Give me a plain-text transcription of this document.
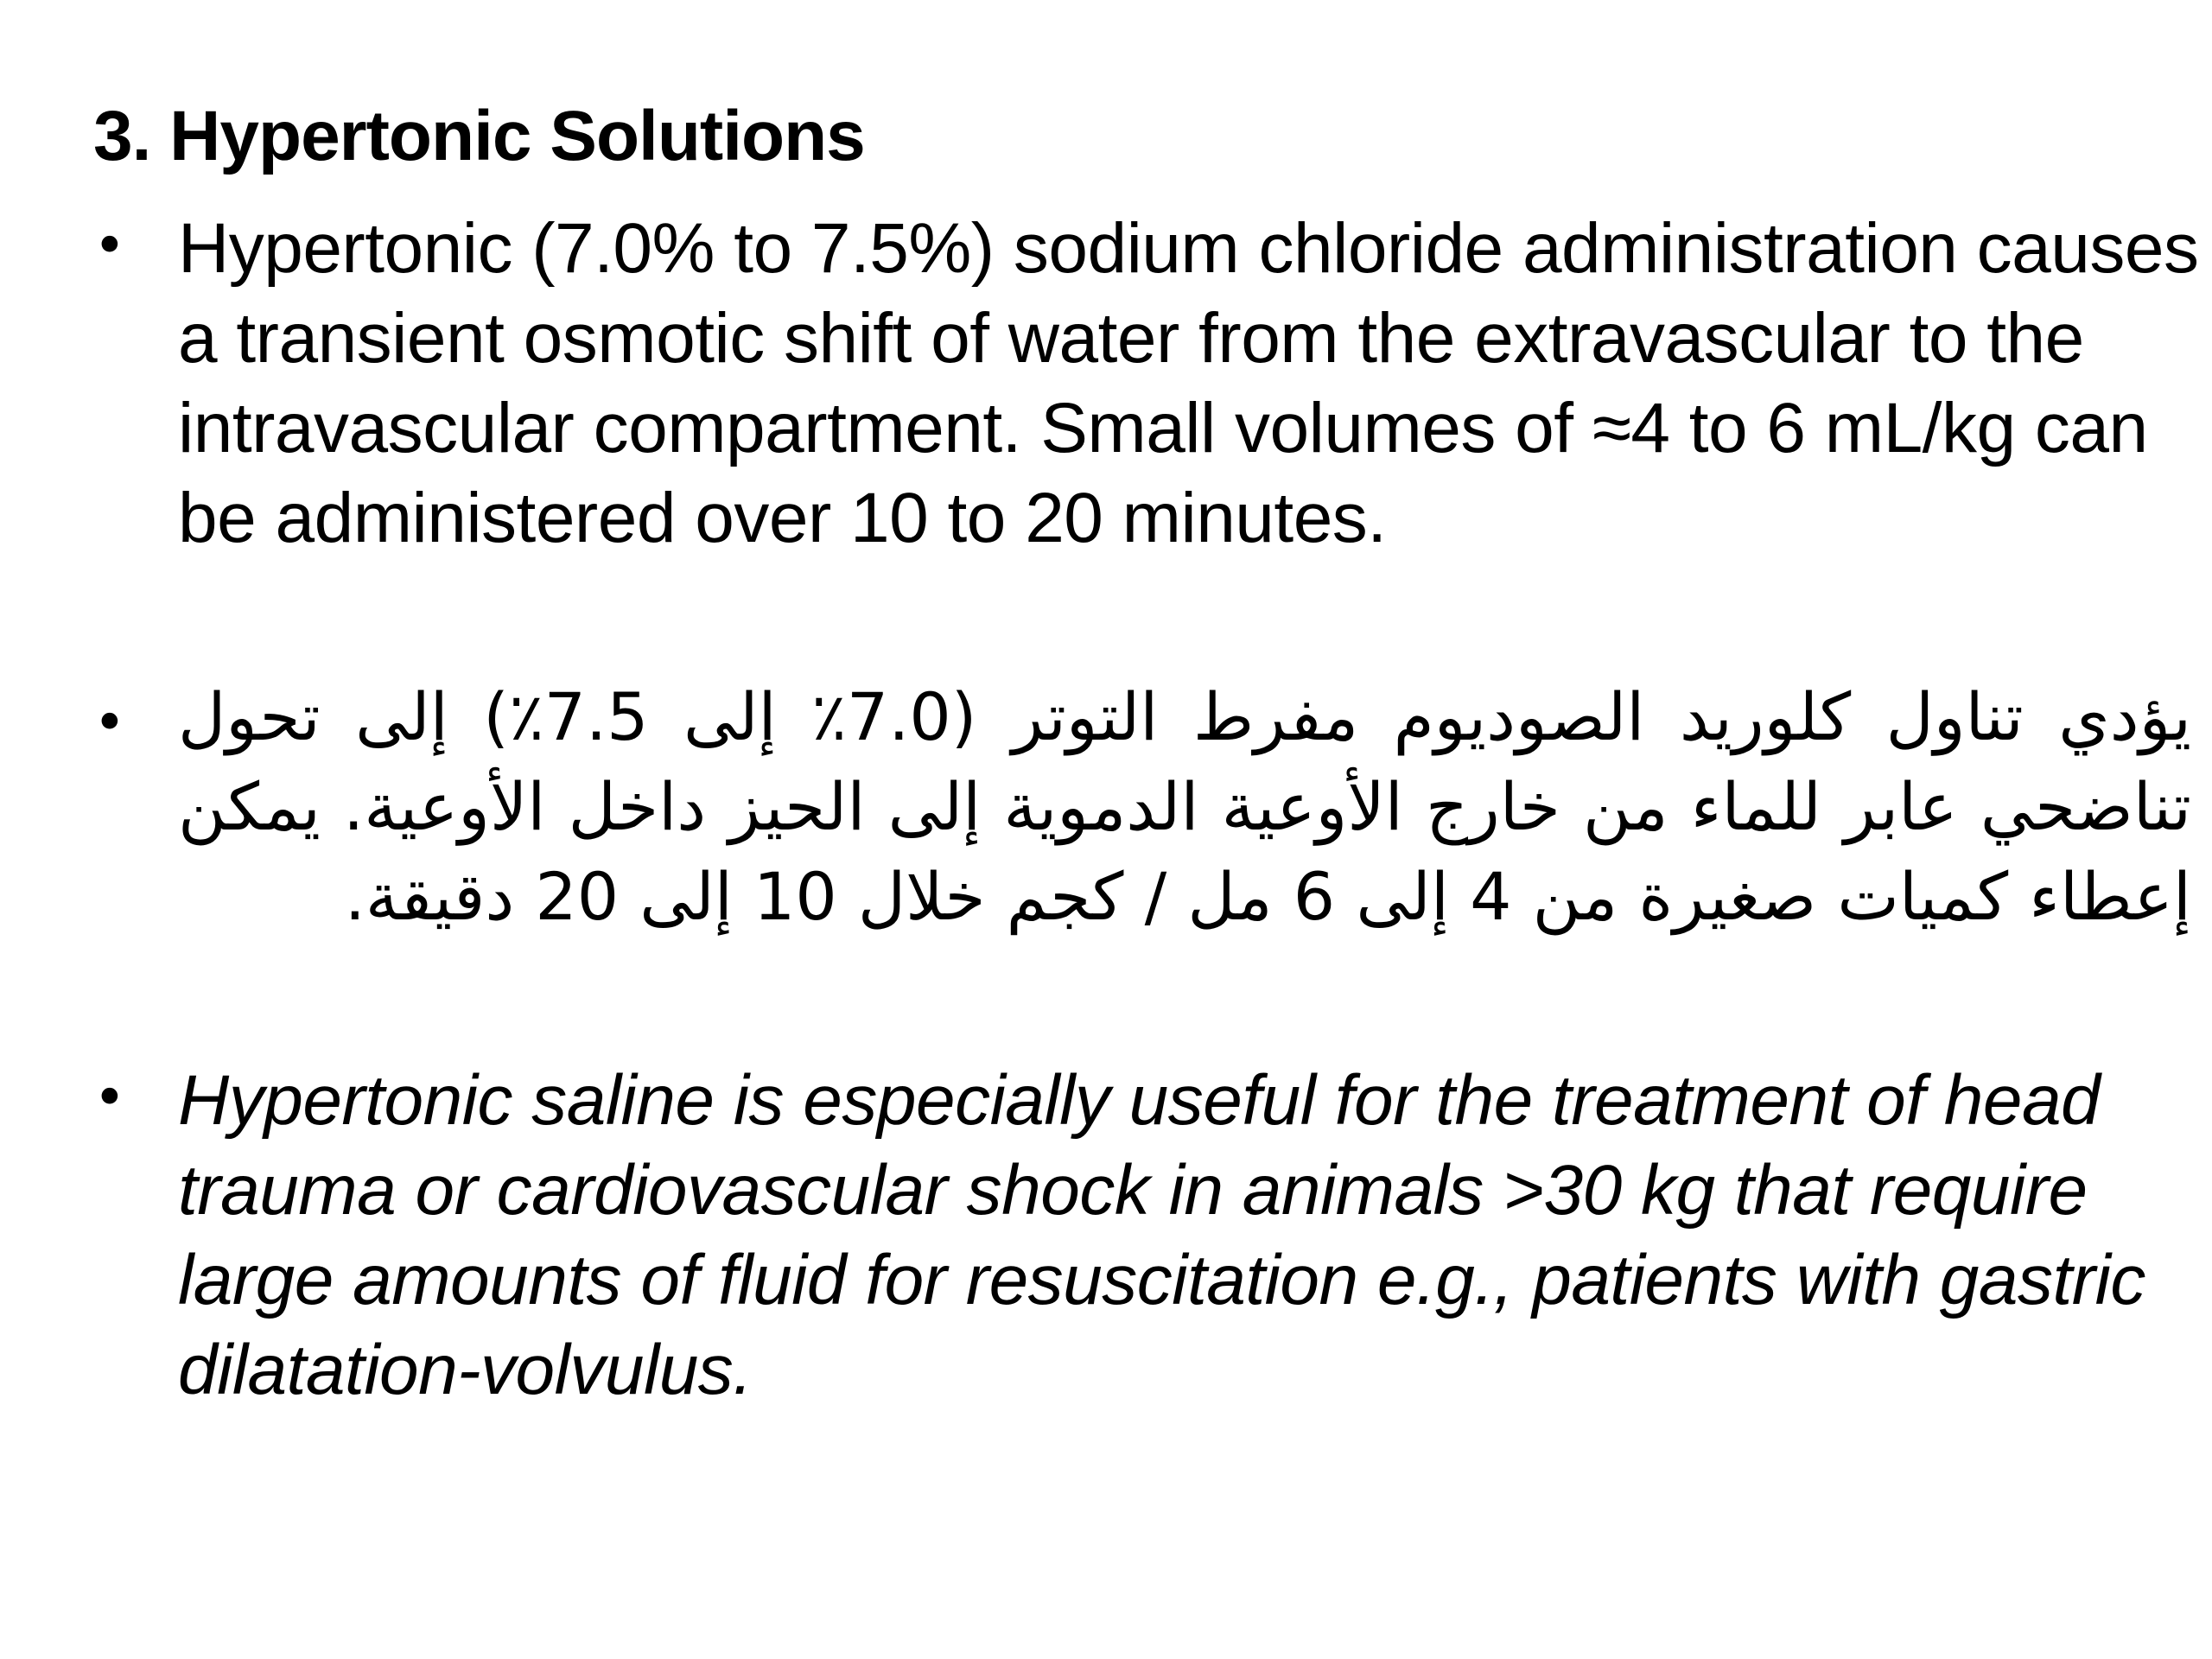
3. Hypertonic Solutions
• Hypertonic (7.0% to 7.5%) sodium chloride administration causes a transient osmotic shift of water from the extravascular to the intravascular compartment. Small volumes of ≈4 to 6 mL/kg can be administered over 10 to 20 minutes.
• يؤدي تناول كلوريد الصوديوم مفرط التوتر (7.0٪ إلى 7.5٪) إلى تحول تناضحي عابر للماء من خارج الأوعية الدموية إلى الحيز داخل الأوعية. يمكن إعطاء كميات صغيرة من 4 إلى 6 مل / كجم خلال 10 إلى 20 دقيقة.
• Hypertonic saline is especially useful for the treatment of head trauma or cardiovascular shock in animals >30 kg that require large amounts of fluid for resuscitation e.g., patients with gastric dilatation-volvulus.
